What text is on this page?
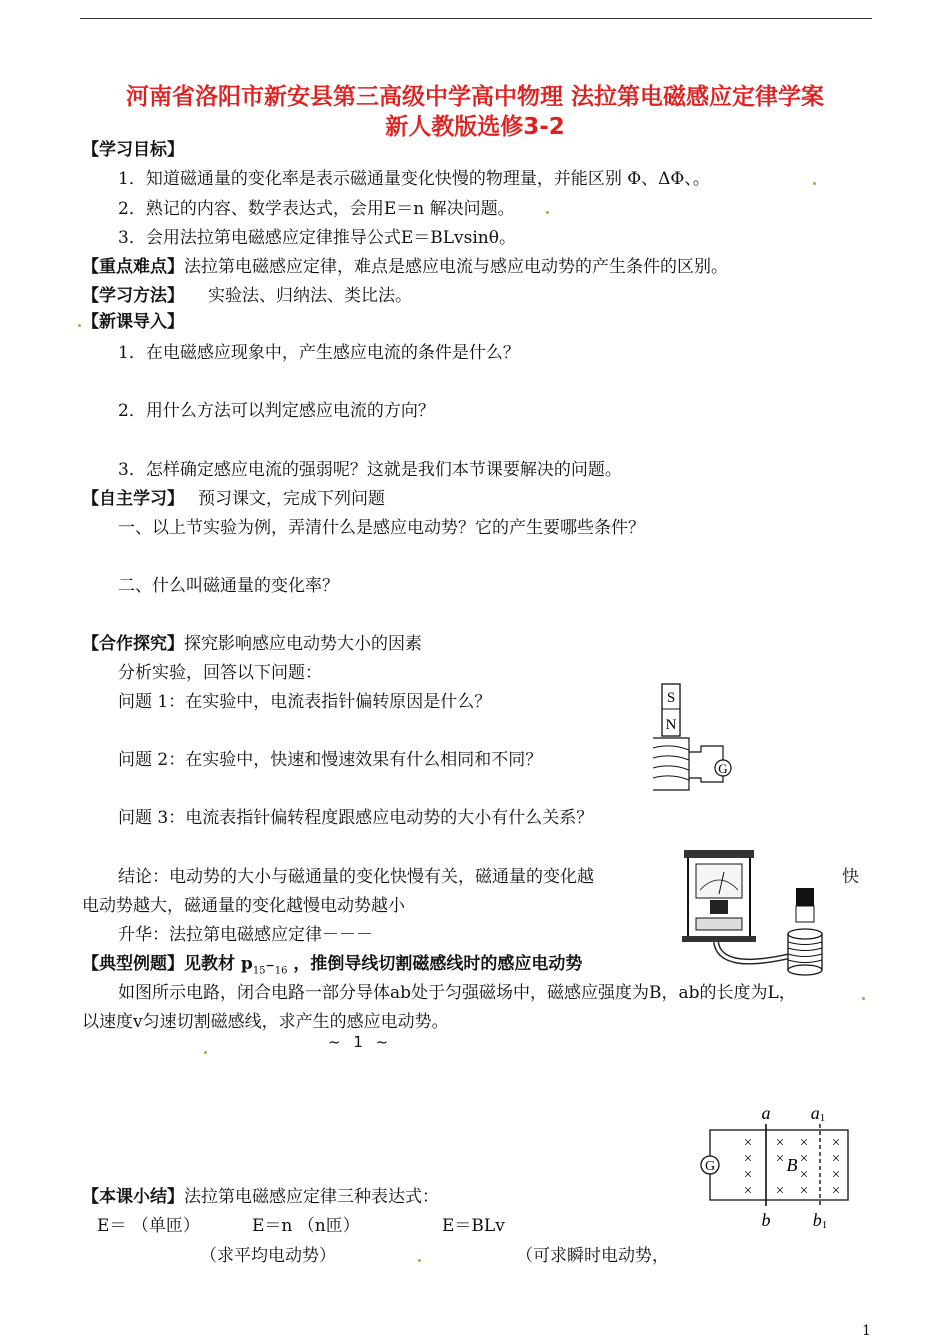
河南省洛阳市新安县第三高级中学高中物理 法拉第电磁感应定律学案
新人教版选修3-2
【学习目标】
1．知道磁通量的变化率是表示磁通量变化快慢的物理量，并能区别 Φ、ΔΦ、。
2．熟记的内容、数学表达式，会用E＝n 解决问题。
3．会用法拉第电磁感应定律推导公式E＝BLvsinθ。
【重点难点】法拉第电磁感应定律，难点是感应电流与感应电动势的产生条件的区别。
【学习方法】 实验法、归纳法、类比法。
【新课导入】
1．在电磁感应现象中，产生感应电流的条件是什么？
2．用什么方法可以判定感应电流的方向？
3．怎样确定感应电流的强弱呢？这就是我们本节课要解决的问题。
【自主学习】 预习课文，完成下列问题
一、以上节实验为例，弄清什么是感应电动势？它的产生要哪些条件？
二、什么叫磁通量的变化率？
【合作探究】探究影响感应电动势大小的因素
分析实验，回答以下问题：
问题 1：在实验中，电流表指针偏转原因是什么？
问题 2：在实验中，快速和慢速效果有什么相同和不同？
问题 3：电流表指针偏转程度跟感应电动势的大小有什么关系？
结论：电动势的大小与磁通量的变化快慢有关，磁通量的变化越	快
电动势越大，磁通量的变化越慢电动势越小
升华：法拉第电磁感应定律－－－
【典型例题】见教材 $p_{15}-_{16}$ ，推倒导线切割磁感线时的感应电动势
如图所示电路，闭合电路一部分导体ab处于匀强磁场中，磁感应强度为B，ab的长度为L，
以速度v匀速切割磁感线，求产生的感应电动势。
~ 1 ~
【本课小结】法拉第电磁感应定律三种表达式：
E＝ （单匝）	E＝n （n匝）	E＝BLv
（求平均电动势）	（可求瞬时电动势，
1
S
N
G
G
×
×
×
×
×
×
×
×
×
×
×
×
×
×
×
B
a a1
b b1
